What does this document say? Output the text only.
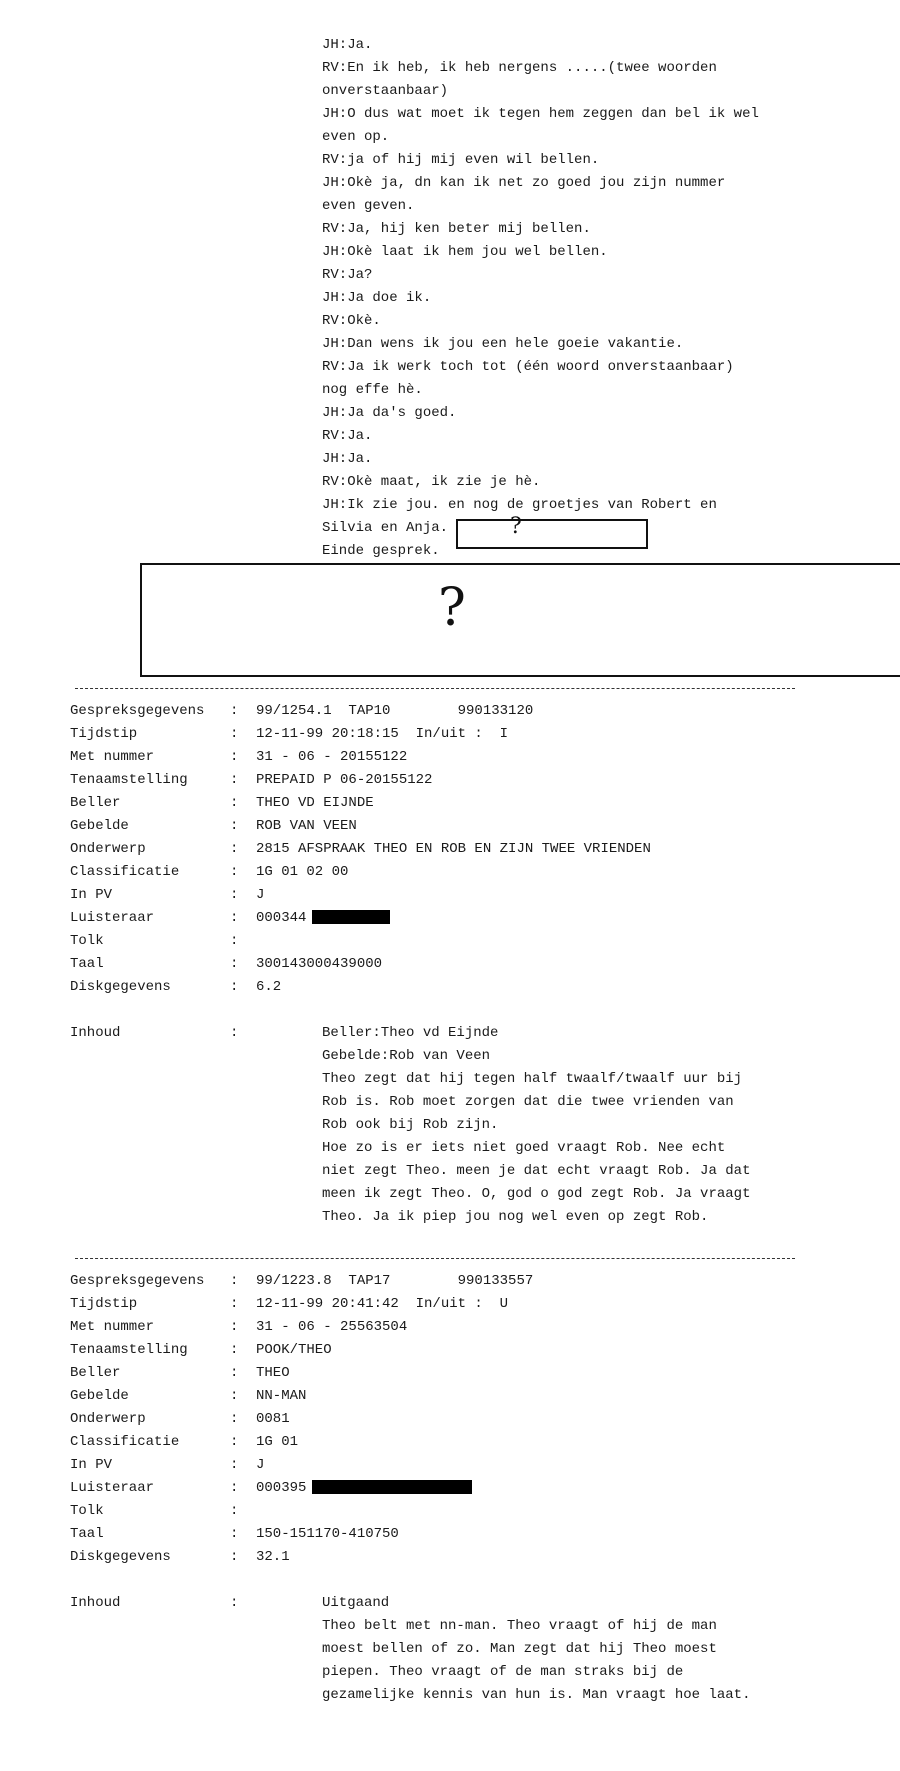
JH:Ja.
RV:En ik heb, ik heb nergens .....(twee woorden
onverstaanbaar)
JH:O dus wat moet ik tegen hem zeggen dan bel ik wel
even op.
RV:ja of hij mij even wil bellen.
JH:Okè ja, dn kan ik net zo goed jou zijn nummer
even geven.
RV:Ja, hij ken beter mij bellen.
JH:Okè laat ik hem jou wel bellen.
RV:Ja?
JH:Ja doe ik.
RV:Okè.
JH:Dan wens ik jou een hele goeie vakantie.
RV:Ja ik werk toch tot (één woord onverstaanbaar)
nog effe hè.
JH:Ja da's goed.
RV:Ja.
JH:Ja.
RV:Okè maat, ik zie je hè.
JH:Ik zie jou. en nog de groetjes van Robert en
Silvia en Anja.
Einde gesprek.
?
?
Gespreksgegevens : 99/1254.1  TAP10        990133120
Tijdstip	: 12-11-99 20:18:15  In/uit :  I
Met nummer	: 31 - 06 - 20155122
Tenaamstelling	: PREPAID P 06-20155122
Beller	: THEO VD EIJNDE
Gebelde	: ROB VAN VEEN
Onderwerp	: 2815 AFSPRAAK THEO EN ROB EN ZIJN TWEE VRIENDEN
Classificatie	: 1G 01 02 00
In PV	: J
Luisteraar	: 000344
Tolk	:
Taal	: 300143000439000
Diskgegevens	: 6.2
Inhoud	:	Beller:Theo vd Eijnde
Gebelde:Rob van Veen
Theo zegt dat hij tegen half twaalf/twaalf uur bij
Rob is. Rob moet zorgen dat die twee vrienden van
Rob ook bij Rob zijn.
Hoe zo is er iets niet goed vraagt Rob. Nee echt
niet zegt Theo. meen je dat echt vraagt Rob. Ja dat
meen ik zegt Theo. O, god o god zegt Rob. Ja vraagt
Theo. Ja ik piep jou nog wel even op zegt Rob.
Gespreksgegevens : 99/1223.8  TAP17        990133557
Tijdstip	: 12-11-99 20:41:42  In/uit :  U
Met nummer	: 31 - 06 - 25563504
Tenaamstelling	: POOK/THEO
Beller	: THEO
Gebelde	: NN-MAN
Onderwerp	: 0081
Classificatie	: 1G 01
In PV	: J
Luisteraar	: 000395
Tolk	:
Taal	: 150-151170-410750
Diskgegevens	: 32.1
Inhoud	:	Uitgaand
Theo belt met nn-man. Theo vraagt of hij de man
moest bellen of zo. Man zegt dat hij Theo moest
piepen. Theo vraagt of de man straks bij de
gezamelijke kennis van hun is. Man vraagt hoe laat.
